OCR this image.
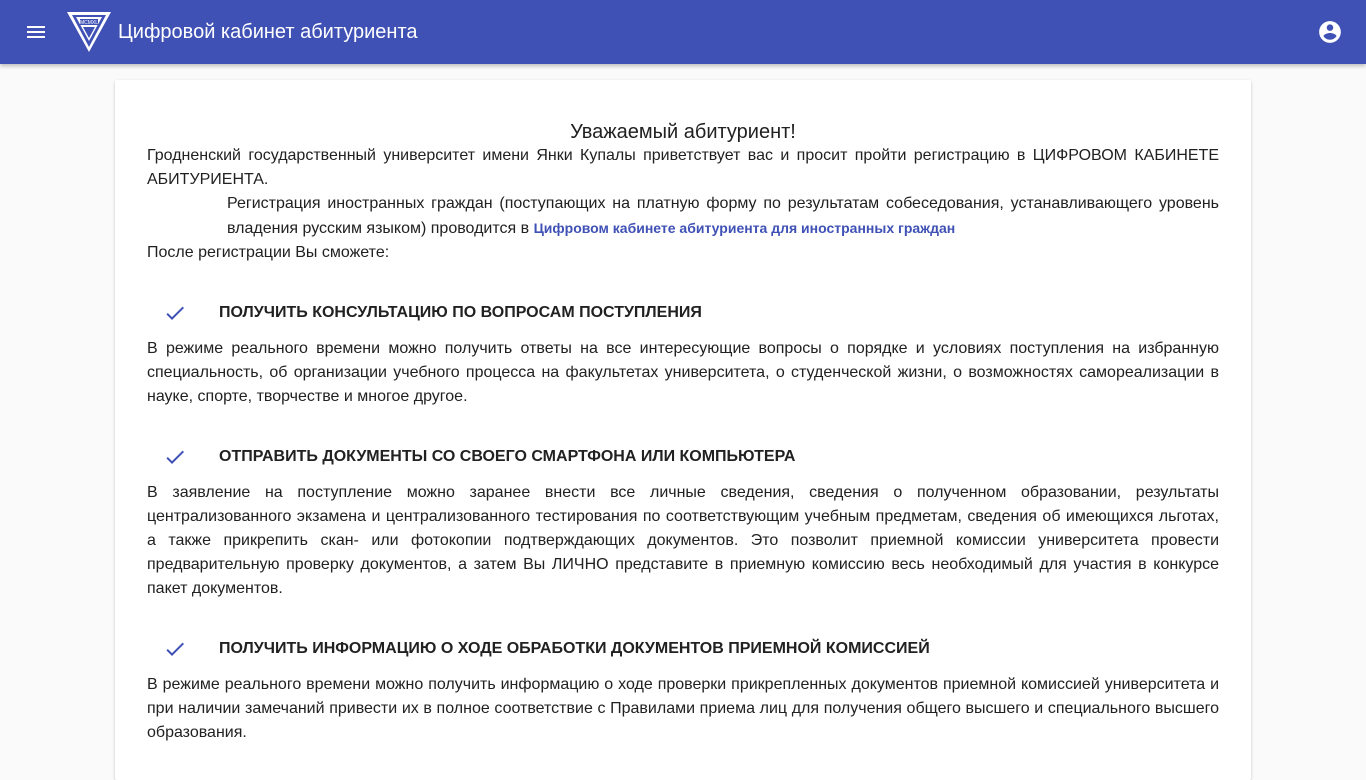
MCMXL Цифровой кабинет абитуриента
Уважаемый абитуриент!

Гродненский государственный университет имени Янки Купалы приветствует вас и просит пройти регистрацию в ЦИФРОВОМ КАБИНЕТЕ АБИТУРИЕНТА.

Регистрация иностранных граждан (поступающих на платную форму по результатам собеседования, устанавливающего уровень владения русским языком) проводится в Цифровом кабинете абитуриента для иностранных граждан

После регистрации Вы сможете:

ПОЛУЧИТЬ КОНСУЛЬТАЦИЮ ПО ВОПРОСАМ ПОСТУПЛЕНИЯ

В режиме реального времени можно получить ответы на все интересующие вопросы о порядке и условиях поступления на избранную специальность, об организации учебного процесса на факультетах университета, о студенческой жизни, о возможностях самореализации в науке, спорте, творчестве и многое другое.

ОТПРАВИТЬ ДОКУМЕНТЫ СО СВОЕГО СМАРТФОНА ИЛИ КОМПЬЮТЕРА

В заявление на поступление можно заранее внести все личные сведения, сведения о полученном образовании, результаты централизованного экзамена и централизованного тестирования по соответствующим учебным предметам, сведения об имеющихся льготах, а также прикрепить скан- или фотокопии подтверждающих документов. Это позволит приемной комиссии университета провести предварительную проверку документов, а затем Вы ЛИЧНО представите в приемную комиссию весь необходимый для участия в конкурсе пакет документов.

ПОЛУЧИТЬ ИНФОРМАЦИЮ О ХОДЕ ОБРАБОТКИ ДОКУМЕНТОВ ПРИЕМНОЙ КОМИССИЕЙ

В режиме реального времени можно получить информацию о ходе проверки прикрепленных документов приемной комиссией университета и при наличии замечаний привести их в полное соответствие с Правилами приема лиц для получения общего высшего и специального высшего образования.
